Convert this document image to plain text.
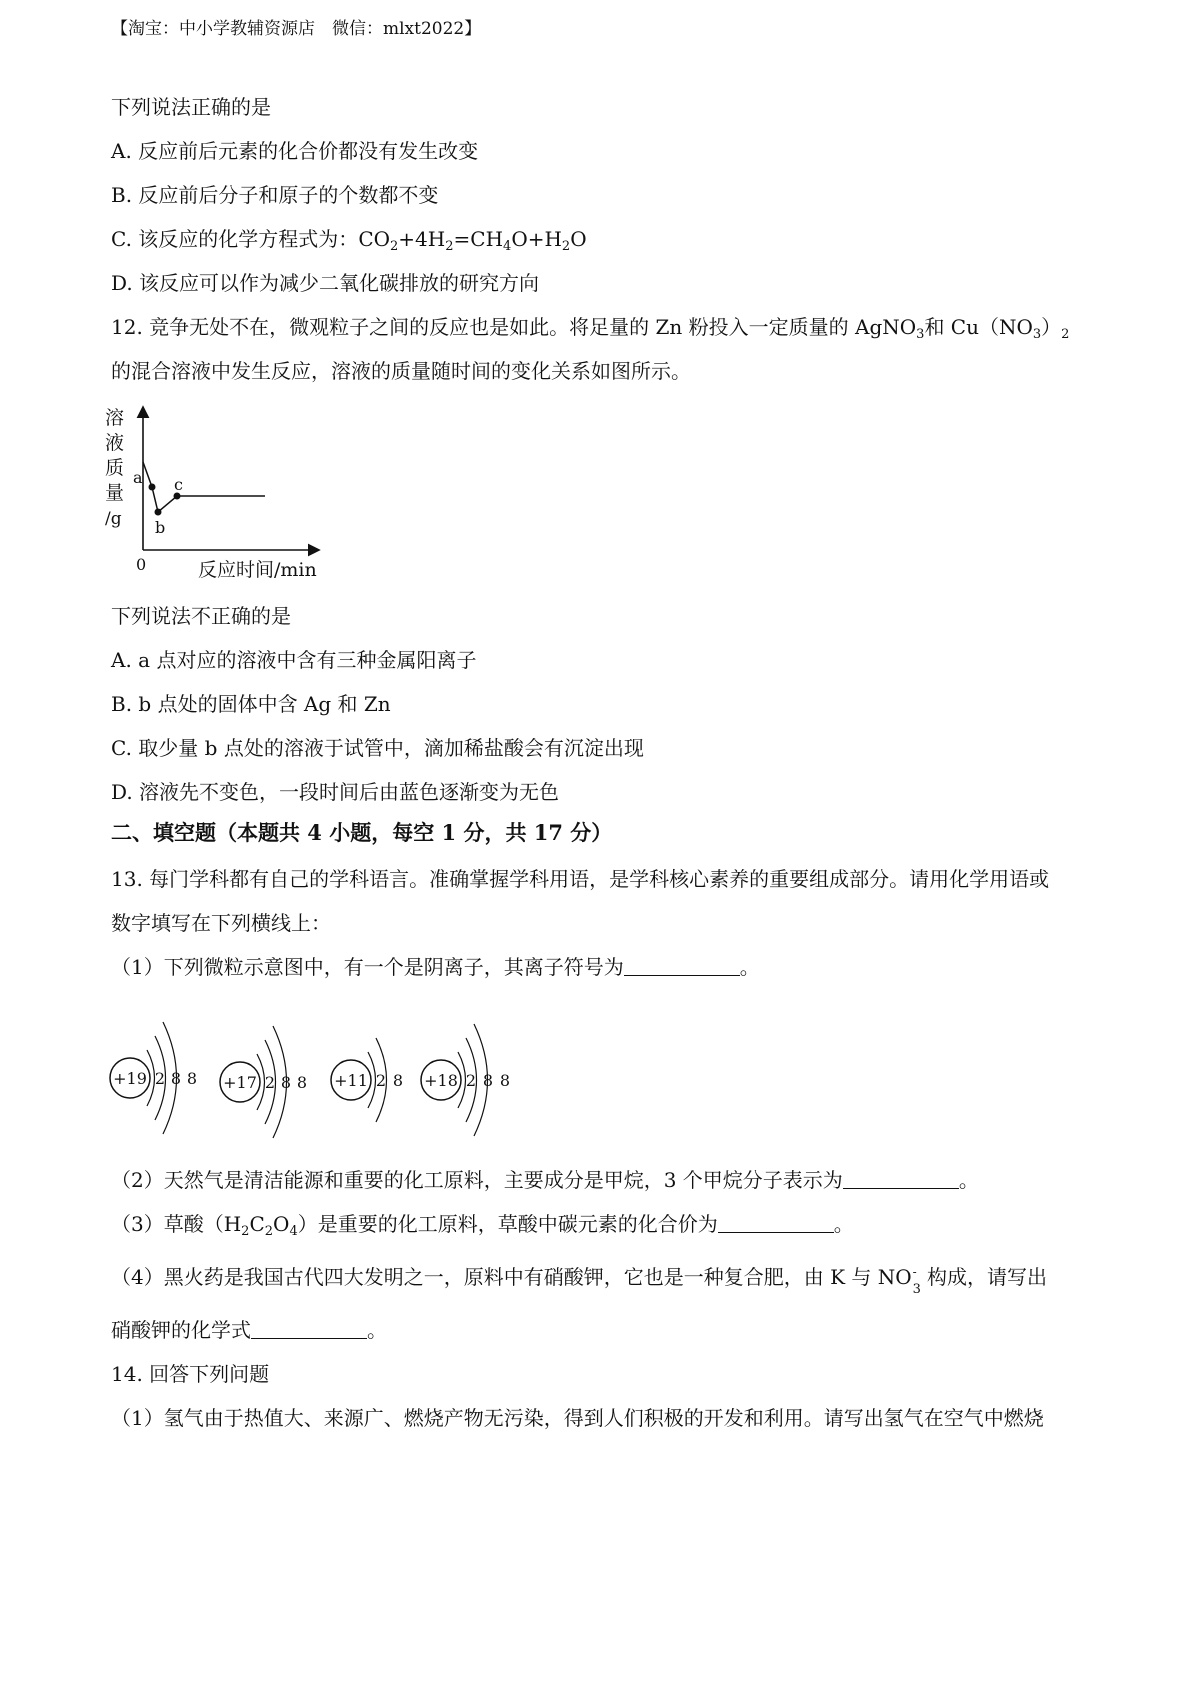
【淘宝：中小学教辅资源店　微信：mlxt2022】
下列说法正确的是
A. 反应前后元素的化合价都没有发生改变
B. 反应前后分子和原子的个数都不变
C. 该反应的化学方程式为：$CO_2+4H_2=CH_4O+H_2O$
D. 该反应可以作为减少二氧化碳排放的研究方向
12. 竞争无处不在，微观粒子之间的反应也是如此。将足量的 Zn 粉投入一定质量的 AgNO$_3$和 $Cu(NO_3)_2$
的混合溶液中发生反应，溶液的质量随时间的变化关系如图所示。
a
b
c
溶
液
质
量
/g
0	反应时间/min
下列说法不正确的是
A. a 点对应的溶液中含有三种金属阳离子
B. b 点处的固体中含 Ag 和 Zn
C. 取少量 b 点处的溶液于试管中，滴加稀盐酸会有沉淀出现
D. 溶液先不变色，一段时间后由蓝色逐渐变为无色
二、填空题（本题共 4 小题，每空 1 分，共 17 分）
13. 每门学科都有自己的学科语言。准确掌握学科用语，是学科核心素养的重要组成部分。请用化学用语或
数字填写在下列横线上：
（1）下列微粒示意图中，有一个是阴离子，其离子符号为	。
+19 2 8 8 +17 2 8 8 +11 2 8 +18 2 8 8
（2）天然气是清洁能源和重要的化工原料，主要成分是甲烷，3 个甲烷分子表示为	。
（3）草酸$(H_2C_2O_4)$是重要的化工原料，草酸中碳元素的化合价为	。
（4）黑火药是我国古代四大发明之一，原料中有硝酸钾，它也是一种复合肥，由 K 与 NO -
3
构成，请写出
硝酸钾的化学式	。
14. 回答下列问题
（1）氢气由于热值大、来源广、燃烧产物无污染，得到人们积极的开发和利用。请写出氢气在空气中燃烧
